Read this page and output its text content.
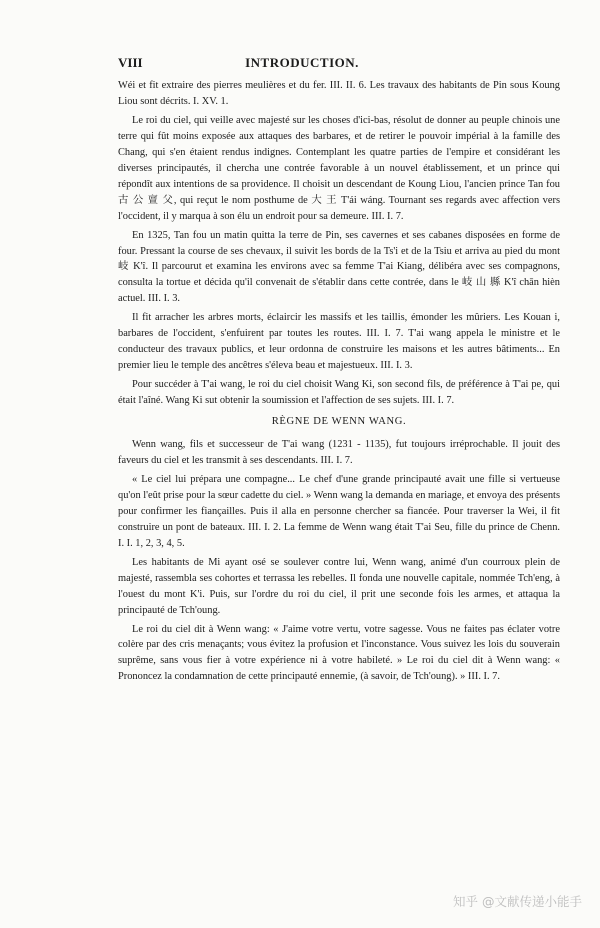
VIII	INTRODUCTION.

Wéi et fit extraire des pierres meulières et du fer. III. II. 6. Les travaux des habitants de Pin sous Koung Liou sont décrits. I. XV. 1.

Le roi du ciel, qui veille avec majesté sur les choses d'ici-bas, résolut de donner au peuple chinois une terre qui fût moins exposée aux attaques des barbares, et de retirer le pouvoir impérial à la famille des Chang, qui s'en étaient rendus indignes. Contemplant les quatre parties de l'empire et considérant les diverses principautés, il chercha une contrée favorable à un nouvel établissement, et un prince qui répondît aux intentions de sa providence. Il choisit un descendant de Koung Liou, l'ancien prince Tan fou 古 公 亶 父, qui reçut le nom posthume de 大 王 T'ái wáng. Tournant ses regards avec affection vers l'occident, il y marqua à son élu un endroit pour sa demeure. III. I. 7.

En 1325, Tan fou un matin quitta la terre de Pin, ses cavernes et ses cabanes disposées en forme de four. Pressant la course de ses chevaux, il suivit les bords de la Ts'i et de la Tsiu et arriva au pied du mont 岐 K'î. Il parcourut et examina les environs avec sa femme T'ai Kiang, délibéra avec ses compagnons, consulta la tortue et décida qu'il convenait de s'établir dans cette contrée, dans le 岐 山 縣 K'î chān hièn actuel. III. I. 3.

Il fit arracher les arbres morts, éclaircir les massifs et les taillis, émonder les mûriers. Les Kouan i, barbares de l'occident, s'enfuirent par toutes les routes. III. I. 7. T'ai wang appela le ministre et le conducteur des travaux publics, et leur ordonna de construire les maisons et les autres bâtiments... En premier lieu le temple des ancêtres s'éleva beau et majestueux. III. I. 3.

Pour succéder à T'ai wang, le roi du ciel choisit Wang Ki, son second fils, de préférence à T'ai pe, qui était l'aîné. Wang Ki sut obtenir la soumission et l'affection de ses sujets. III. I. 7.

RÈGNE DE WENN WANG.

Wenn wang, fils et successeur de T'ai wang (1231 - 1135), fut toujours irréprochable. Il jouit des faveurs du ciel et les transmit à ses descendants. III. I. 7.

« Le ciel lui prépara une compagne... Le chef d'une grande principauté avait une fille si vertueuse qu'on l'eût prise pour la sœur cadette du ciel. » Wenn wang la demanda en mariage, et envoya des présents pour confirmer les fiançailles. Puis il alla en personne chercher sa fiancée. Pour traverser la Wei, il fit construire un pont de bateaux. III. I. 2. La femme de Wenn wang était T'ai Seu, fille du prince de Chenn. I. I. 1, 2, 3, 4, 5.

Les habitants de Mi ayant osé se soulever contre lui, Wenn wang, animé d'un courroux plein de majesté, rassembla ses cohortes et terrassa les rebelles. Il fonda une nouvelle capitale, nommée Tch'eng, à l'ouest du mont K'i. Puis, sur l'ordre du roi du ciel, il prit une seconde fois les armes, et attaqua la principauté de Tch'oung.

Le roi du ciel dit à Wenn wang: « J'aime votre vertu, votre sagesse. Vous ne faites pas éclater votre colère par des cris menaçants; vous évitez la profusion et l'inconstance. Vous suivez les lois du souverain suprême, sans vous fier à votre expérience ni à votre habileté. » Le roi du ciel dit à Wenn wang: « Prononcez la condamnation de cette principauté ennemie, (à savoir, de Tch'oung). » III. I. 7.

知乎 @文献传递小能手
